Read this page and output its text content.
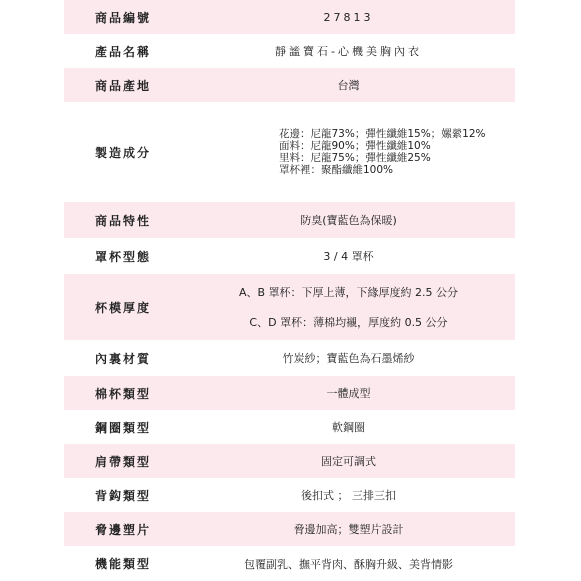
商品編號	27813
產品名稱	靜謐寶石-心機美胸內衣
商品產地	台灣
製造成分
花邊：尼龍73%；彈性纖維15%；嫘縈12%
面料：尼龍90%；彈性纖維10%
里料：尼龍75%；彈性纖維25%
罩杯裡：聚酯纖維100%
商品特性	防臭(寶藍色為保暖)
罩杯型態	3 / 4 罩杯
杯模厚度
A、B 罩杯：下厚上薄，下緣厚度約 2.5 公分
C、D 罩杯：薄棉均襯，厚度約 0.5 公分
內裏材質	竹炭紗；寶藍色為石墨烯紗
棉杯類型	一體成型
鋼圈類型	軟鋼圈
肩帶類型	固定可調式
背鈎類型	後扣式 ； 三排三扣
脅邊塑片	脅邊加高；雙塑片設計
機能類型	包覆副乳、撫平背肉、酥胸升級、美背情影
